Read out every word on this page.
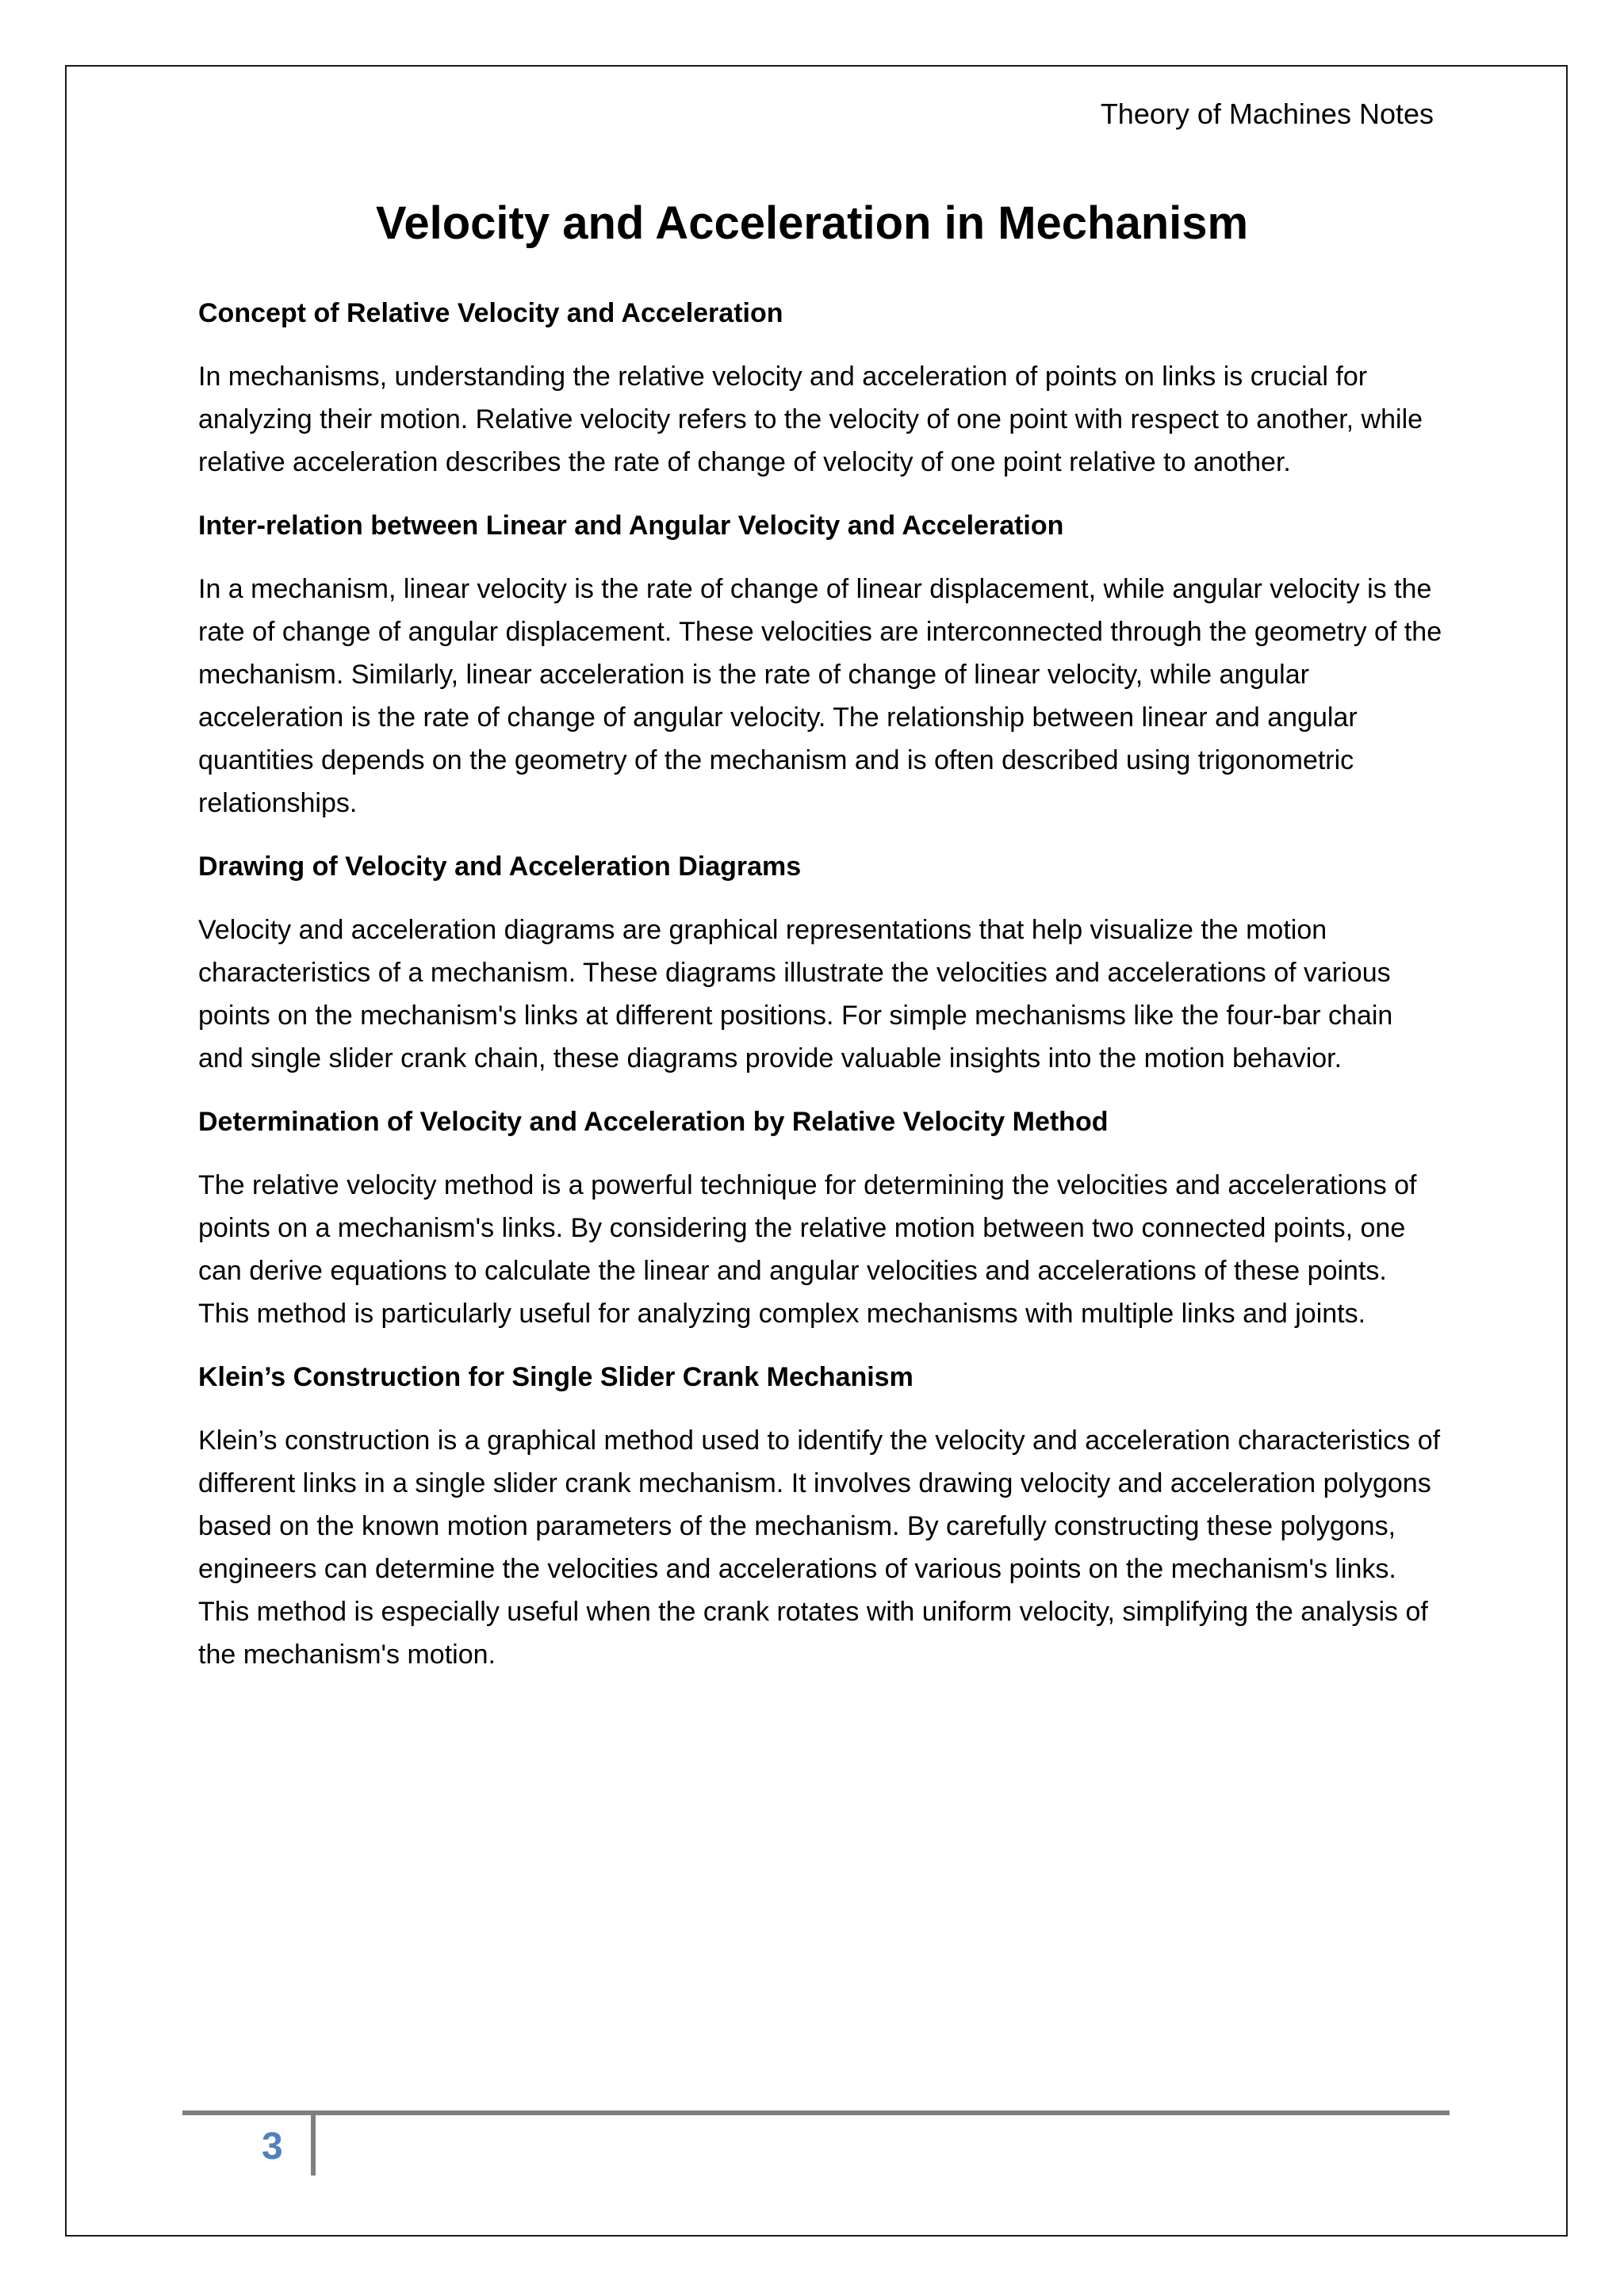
Theory of Machines Notes
Velocity and Acceleration in Mechanism
Concept of Relative Velocity and Acceleration

In mechanisms, understanding the relative velocity and acceleration of points on links is crucial for analyzing their motion. Relative velocity refers to the velocity of one point with respect to another, while relative acceleration describes the rate of change of velocity of one point relative to another.

Inter-relation between Linear and Angular Velocity and Acceleration

In a mechanism, linear velocity is the rate of change of linear displacement, while angular velocity is the rate of change of angular displacement. These velocities are interconnected through the geometry of the mechanism. Similarly, linear acceleration is the rate of change of linear velocity, while angular acceleration is the rate of change of angular velocity. The relationship between linear and angular quantities depends on the geometry of the mechanism and is often described using trigonometric relationships.

Drawing of Velocity and Acceleration Diagrams

Velocity and acceleration diagrams are graphical representations that help visualize the motion characteristics of a mechanism. These diagrams illustrate the velocities and accelerations of various points on the mechanism's links at different positions. For simple mechanisms like the four-bar chain and single slider crank chain, these diagrams provide valuable insights into the motion behavior.

Determination of Velocity and Acceleration by Relative Velocity Method

The relative velocity method is a powerful technique for determining the velocities and accelerations of points on a mechanism's links. By considering the relative motion between two connected points, one can derive equations to calculate the linear and angular velocities and accelerations of these points. This method is particularly useful for analyzing complex mechanisms with multiple links and joints.

Klein’s Construction for Single Slider Crank Mechanism

Klein’s construction is a graphical method used to identify the velocity and acceleration characteristics of different links in a single slider crank mechanism. It involves drawing velocity and acceleration polygons based on the known motion parameters of the mechanism. By carefully constructing these polygons, engineers can determine the velocities and accelerations of various points on the mechanism's links. This method is especially useful when the crank rotates with uniform velocity, simplifying the analysis of the mechanism's motion.

3
